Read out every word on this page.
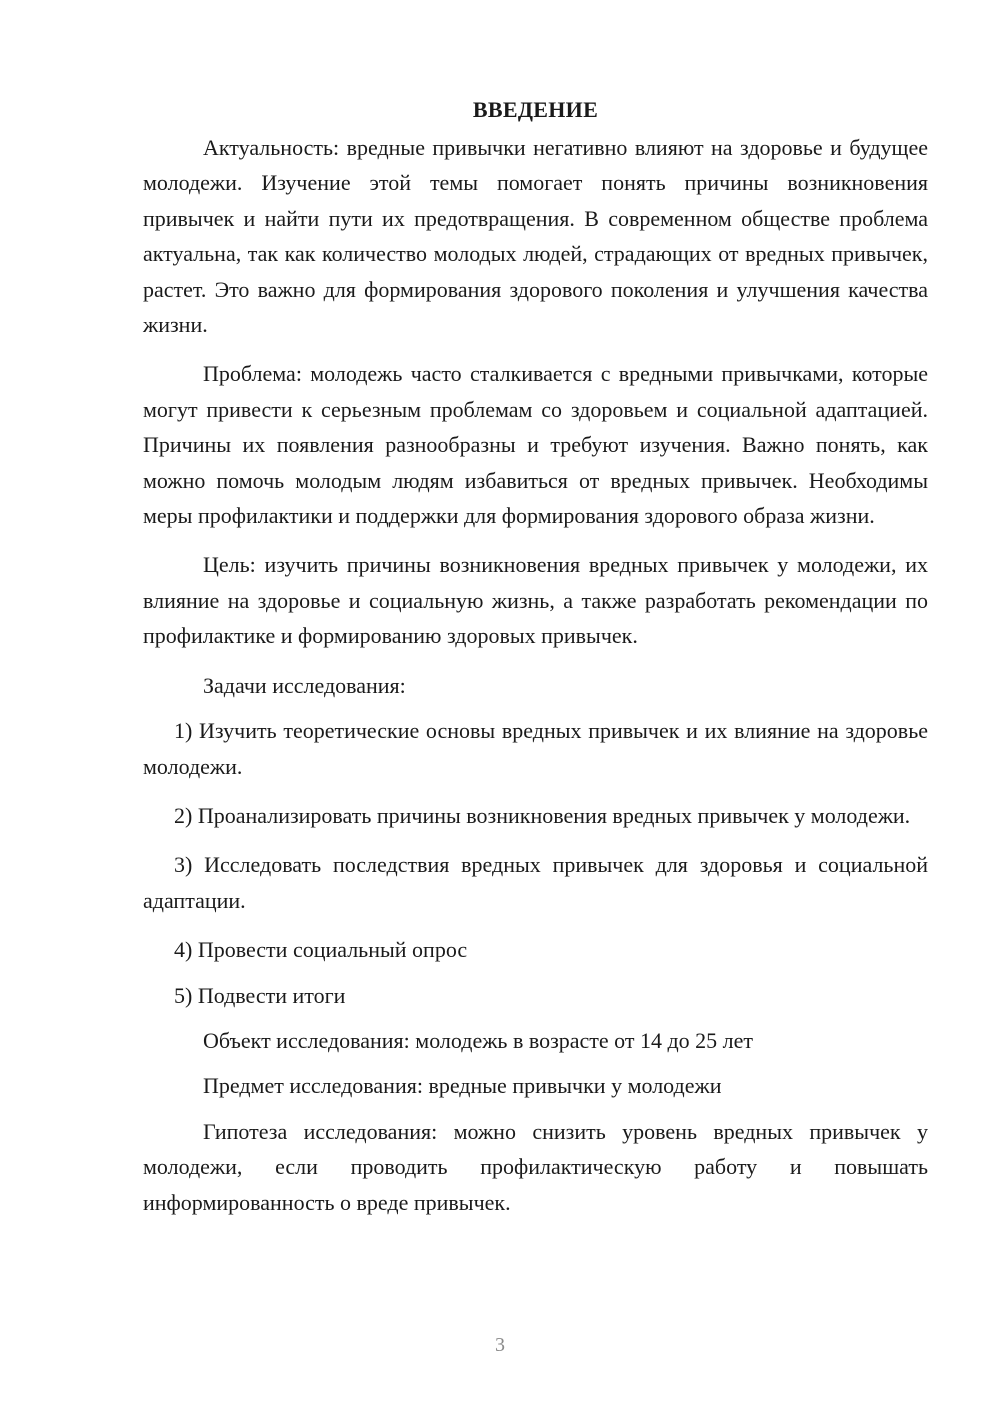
ВВЕДЕНИЕ

Актуальность: вредные привычки негативно влияют на здоровье и будущее молодежи. Изучение этой темы помогает понять причины возникновения привычек и найти пути их предотвращения. В современном обществе проблема актуальна, так как количество молодых людей, страдающих от вредных привычек, растет. Это важно для формирования здорового поколения и улучшения качества жизни.

Проблема: молодежь часто сталкивается с вредными привычками, которые могут привести к серьезным проблемам со здоровьем и социальной адаптацией. Причины их появления разнообразны и требуют изучения. Важно понять, как можно помочь молодым людям избавиться от вредных привычек. Необходимы меры профилактики и поддержки для формирования здорового образа жизни.

Цель: изучить причины возникновения вредных привычек у молодежи, их влияние на здоровье и социальную жизнь, а также разработать рекомендации по профилактике и формированию здоровых привычек.

Задачи исследования:

1) Изучить теоретические основы вредных привычек и их влияние на здоровье молодежи.

2) Проанализировать причины возникновения вредных привычек у молодежи.

3) Исследовать последствия вредных привычек для здоровья и социальной адаптации.

4) Провести социальный опрос

5) Подвести итоги

Объект исследования: молодежь в возрасте от 14 до 25 лет

Предмет исследования: вредные привычки у молодежи

Гипотеза исследования: можно снизить уровень вредных привычек у молодежи, если проводить профилактическую работу и повышать информированность о вреде привычек.

3
